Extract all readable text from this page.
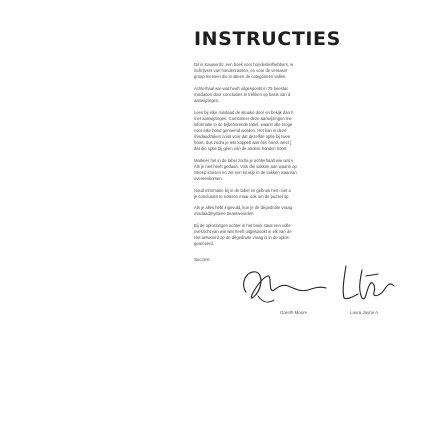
INSTRUCTIES
Dit is Kauwerdo: een boek voor hondenliefhebbers, w
Schrijvers van hondenrassen, en voor de versaser
groep mensen die in alleen de categorieën vallen.
Achterhaal wie wat heeft uitgespookt in 75 beestac
misdaden door conclusies te trekken op basis van d
aanwijzingen.
Lees bij elke misdaad de situatie door en bekijk dan h
met aanwijzingen. Combineer deze aanwijzingen me
informatie in de bijbehorende tabel, waarin alle moge
voor elke hond genoemd worden. Het kan in deze
misdaadzaken nooit voor dat dezelfde optie bij twee
hoort, dus zodra je iets koppelt aan één hond, weet j
dat die optie bij geen van de andere honden hoort.
Markeer het in de tabel zodra je achterhaalt wie wat v
Als je niet heeft gedaan. Vink die vakken aan waarin op
Streep kruisen en zet een kruisje in de vakken waarvan
overeenkomen.
Houd informatie bij in de tabel en gebruik hem niet a
je conclusies te noteren maar ook om de puzzel op
Als je alles hebt ingevuld, kun je de dégedruite vraag
misdaadmysterie beantwoorden.
Bij de oplossingen achter in het boek staat een volle
overzicht van wie wat heeft uitgespookt in elk van de
Het antwoord op de dégedruite vraag is in de oplos
gearceerd.
Succes!
Gareth Moore	Laura Jayne A
